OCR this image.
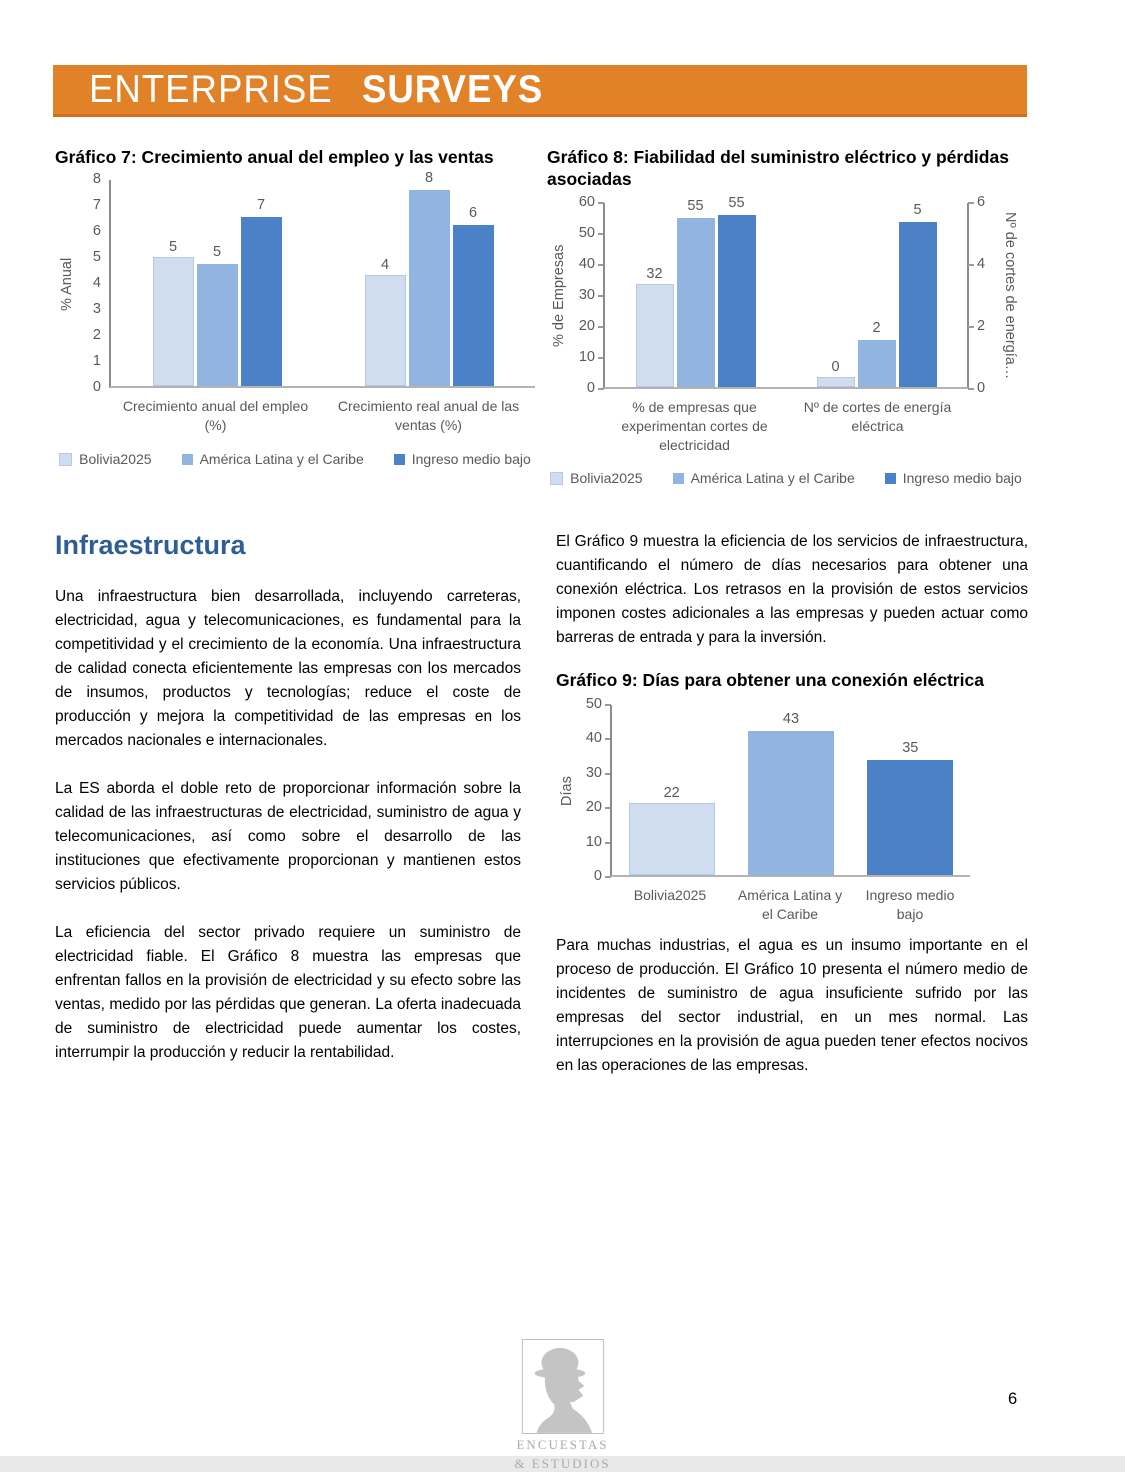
ENTERPRISE SURVEYS
Gráfico 7: Crecimiento anual del empleo y las ventas
% Anual
8
7
6
5
4
3
2
1
0
5	5
7
4
8
6
Crecimiento anual del empleo
(%)
Crecimiento real anual de las
ventas (%)
Bolivia2025	América Latina y el Caribe	Ingreso medio bajo
Gráfico 8: Fiabilidad del suministro eléctrico y pérdidas asociadas
% de Empresas
60
50
40
30
20
10
0
32
55	55
0
2
5
% de empresas que
experimentan cortes de
electricidad
Nº de cortes de energía
eléctrica
6
4
2
0
Nº de cortes de energía…
Bolivia2025	América Latina y el Caribe	Ingreso medio bajo
Infraestructura

Una infraestructura bien desarrollada, incluyendo carreteras, electricidad, agua y telecomunicaciones, es fundamental para la competitividad y el crecimiento de la economía. Una infraestructura de calidad conecta eficientemente las empresas con los mercados de insumos, productos y tecnologías; reduce el coste de producción y mejora la competitividad de las empresas en los mercados nacionales e internacionales.

La ES aborda el doble reto de proporcionar información sobre la calidad de las infraestructuras de electricidad, suministro de agua y telecomunicaciones, así como sobre el desarrollo de las instituciones que efectivamente proporcionan y mantienen estos servicios públicos.

La eficiencia del sector privado requiere un suministro de electricidad fiable. El Gráfico 8 muestra las empresas que enfrentan fallos en la provisión de electricidad y su efecto sobre las ventas, medido por las pérdidas que generan. La oferta inadecuada de suministro de electricidad puede aumentar los costes, interrumpir la producción y reducir la rentabilidad.

El Gráfico 9 muestra la eficiencia de los servicios de infraestructura, cuantificando el número de días necesarios para obtener una conexión eléctrica. Los retrasos en la provisión de estos servicios imponen costes adicionales a las empresas y pueden actuar como barreras de entrada y para la inversión.

Gráfico 9: Días para obtener una conexión eléctrica
Días
50
40
30
20
10
0
22
43
35
Bolivia2025	América Latina y
el Caribe
Ingreso medio
bajo

Para muchas industrias, el agua es un insumo importante en el proceso de producción. El Gráfico 10 presenta el número medio de incidentes de suministro de agua insuficiente sufrido por las empresas del sector industrial, en un mes normal. Las interrupciones en la provisión de agua pueden tener efectos nocivos en las operaciones de las empresas.

ENCUESTAS
& ESTUDIOS
6
